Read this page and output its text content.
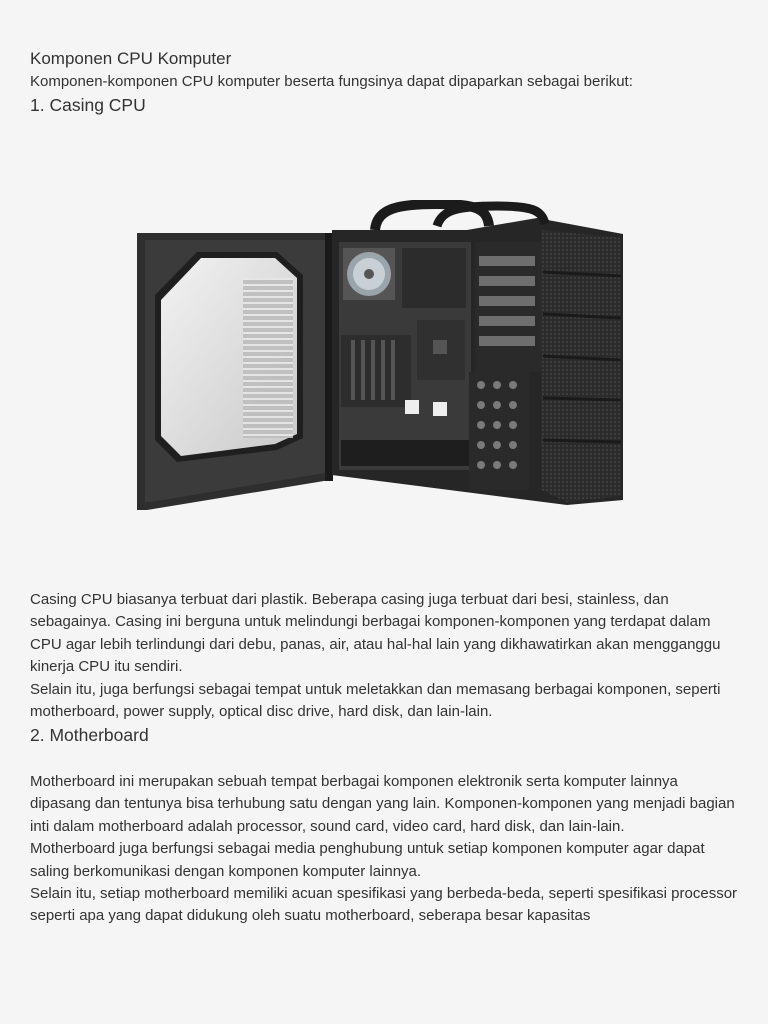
Komponen CPU Komputer

Komponen-komponen CPU komputer beserta fungsinya dapat dipaparkan sebagai berikut:

1. Casing CPU

Casing CPU biasanya terbuat dari plastik. Beberapa casing juga terbuat dari besi, stainless, dan sebagainya. Casing ini berguna untuk melindungi berbagai komponen-komponen yang terdapat dalam CPU agar lebih terlindungi dari debu, panas, air, atau hal-hal lain yang dikhawatirkan akan mengganggu kinerja CPU itu sendiri.

Selain itu, juga berfungsi sebagai tempat untuk meletakkan dan memasang berbagai komponen, seperti motherboard, power supply, optical disc drive, hard disk, dan lain-lain.

2. Motherboard

Motherboard ini merupakan sebuah tempat berbagai komponen elektronik serta komputer lainnya dipasang dan tentunya bisa terhubung satu dengan yang lain. Komponen-komponen yang menjadi bagian inti dalam motherboard adalah processor, sound card, video card, hard disk, dan lain-lain.

Motherboard juga berfungsi sebagai media penghubung untuk setiap komponen komputer agar dapat saling berkomunikasi dengan komponen komputer lainnya.

Selain itu, setiap motherboard memiliki acuan spesifikasi yang berbeda-beda, seperti spesifikasi processor seperti apa yang dapat didukung oleh suatu motherboard, seberapa besar kapasitas
